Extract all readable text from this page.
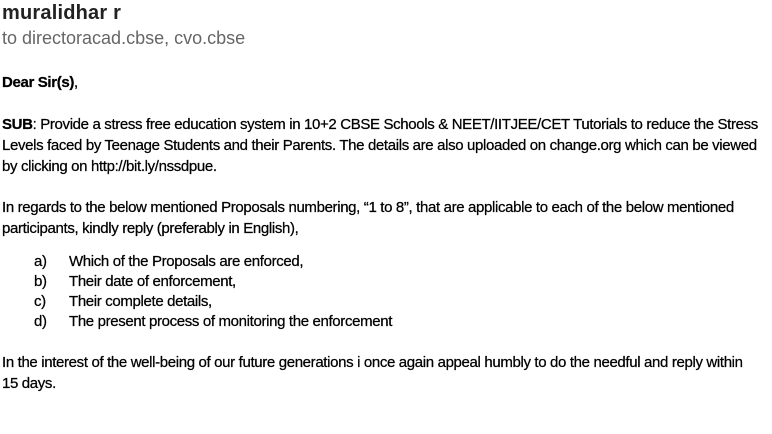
muralidhar r
to directoracad.cbse, cvo.cbse

Dear Sir(s),

SUB: Provide a stress free education system in 10+2 CBSE Schools & NEET/IITJEE/CET Tutorials to reduce the Stress Levels faced by Teenage Students and their Parents. The details are also uploaded on change.org which can be viewed by clicking on http://bit.ly/nssdpue.

In regards to the below mentioned Proposals numbering, “1 to 8”, that are applicable to each of the below mentioned participants, kindly reply (preferably in English),

a)	Which of the Proposals are enforced,
b)	Their date of enforcement,
c)	Their complete details,
d)	The present process of monitoring the enforcement

In the interest of the well-being of our future generations i once again appeal humbly to do the needful and reply within 15 days.
